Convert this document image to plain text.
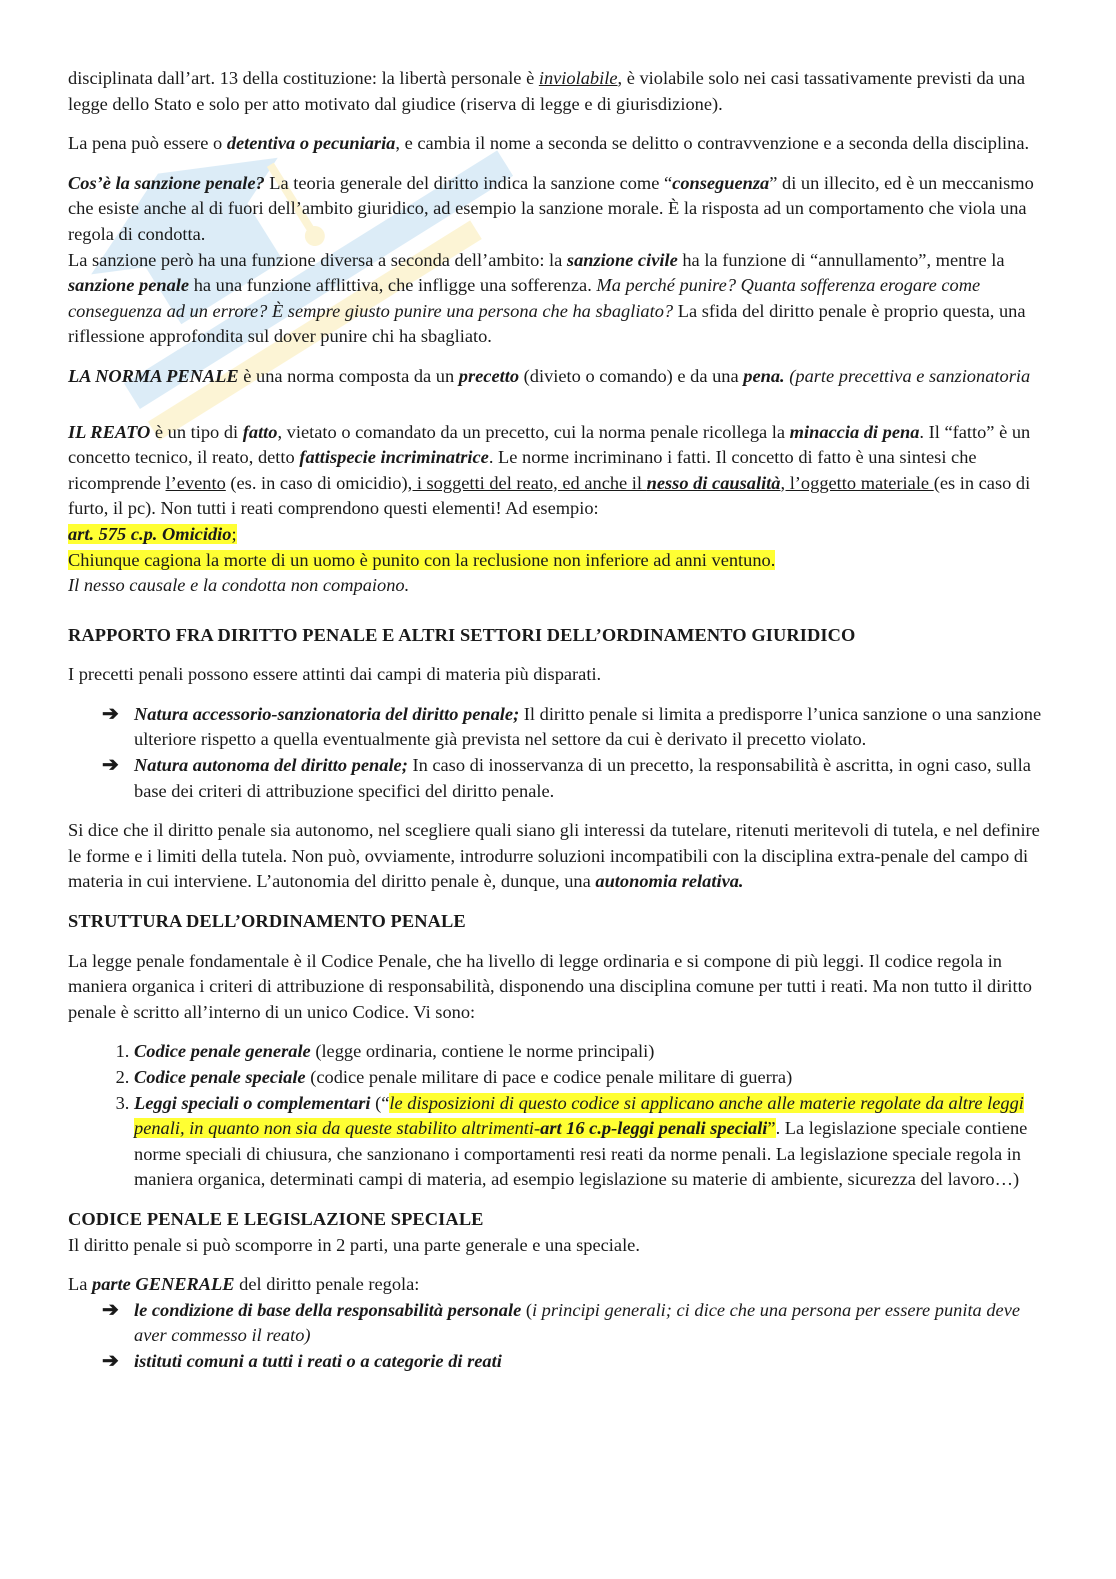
disciplinata dall’art. 13 della costituzione: la libertà personale è inviolabile, è violabile solo nei casi tassativamente previsti da una legge dello Stato e solo per atto motivato dal giudice (riserva di legge e di giurisdizione).

La pena può essere o detentiva o pecuniaria, e cambia il nome a seconda se delitto o contravvenzione e a seconda della disciplina.

Cos’è la sanzione penale? La teoria generale del diritto indica la sanzione come “conseguenza” di un illecito, ed è un meccanismo che esiste anche al di fuori dell’ambito giuridico, ad esempio la sanzione morale. È la risposta ad un comportamento che viola una regola di condotta.
La sanzione però ha una funzione diversa a seconda dell’ambito: la sanzione civile ha la funzione di “annullamento”, mentre la sanzione penale ha una funzione afflittiva, che infligge una sofferenza. Ma perché punire? Quanta sofferenza erogare come conseguenza ad un errore? È sempre giusto punire una persona che ha sbagliato? La sfida del diritto penale è proprio questa, una riflessione approfondita sul dover punire chi ha sbagliato.

LA NORMA PENALE è una norma composta da un precetto (divieto o comando) e da una pena. (parte precettiva e sanzionatoria

IL REATO è un tipo di fatto, vietato o comandato da un precetto, cui la norma penale ricollega la minaccia di pena. Il “fatto” è un concetto tecnico, il reato, detto fattispecie incriminatrice. Le norme incriminano i fatti. Il concetto di fatto è una sintesi che ricomprende l’evento (es. in caso di omicidio), i soggetti del reato, ed anche il nesso di causalità, l’oggetto materiale (es in caso di furto, il pc). Non tutti i reati comprendono questi elementi! Ad esempio:
art. 575 c.p. Omicidio;
Chiunque cagiona la morte di un uomo è punito con la reclusione non inferiore ad anni ventuno.
Il nesso causale e la condotta non compaiono.

RAPPORTO FRA DIRITTO PENALE E ALTRI SETTORI DELL’ORDINAMENTO GIURIDICO

I precetti penali possono essere attinti dai campi di materia più disparati.

➔ Natura accessorio-sanzionatoria del diritto penale; Il diritto penale si limita a predisporre l’unica sanzione o una sanzione ulteriore rispetto a quella eventualmente già prevista nel settore da cui è derivato il precetto violato.
➔ Natura autonoma del diritto penale; In caso di inosservanza di un precetto, la responsabilità è ascritta, in ogni caso, sulla base dei criteri di attribuzione specifici del diritto penale.

Si dice che il diritto penale sia autonomo, nel scegliere quali siano gli interessi da tutelare, ritenuti meritevoli di tutela, e nel definire le forme e i limiti della tutela. Non può, ovviamente, introdurre soluzioni incompatibili con la disciplina extra-penale del campo di materia in cui interviene. L’autonomia del diritto penale è, dunque, una autonomia relativa.

STRUTTURA DELL’ORDINAMENTO PENALE

La legge penale fondamentale è il Codice Penale, che ha livello di legge ordinaria e si compone di più leggi. Il codice regola in maniera organica i criteri di attribuzione di responsabilità, disponendo una disciplina comune per tutti i reati. Ma non tutto il diritto penale è scritto all’interno di un unico Codice. Vi sono:

1. Codice penale generale (legge ordinaria, contiene le norme principali)
2. Codice penale speciale (codice penale militare di pace e codice penale militare di guerra)
3. Leggi speciali o complementari (“le disposizioni di questo codice si applicano anche alle materie regolate da altre leggi penali, in quanto non sia da queste stabilito altrimenti-art 16 c.p-leggi penali speciali”. La legislazione speciale contiene norme speciali di chiusura, che sanzionano i comportamenti resi reati da norme penali. La legislazione speciale regola in maniera organica, determinati campi di materia, ad esempio legislazione su materie di ambiente, sicurezza del lavoro…)
CODICE PENALE E LEGISLAZIONE SPECIALE

Il diritto penale si può scomporre in 2 parti, una parte generale e una speciale.

La parte GENERALE del diritto penale regola:

➔ le condizione di base della responsabilità personale (i principi generali; ci dice che una persona per essere punita deve aver commesso il reato)
➔ istituti comuni a tutti i reati o a categorie di reati
